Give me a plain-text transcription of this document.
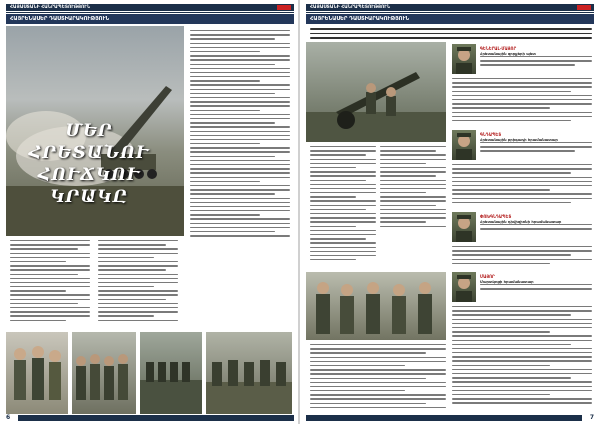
ՀԱՅԱՍՏԱՆԻ ՀԱՆՐԱՊԵՏՈՒԹՅՈՒՆ
ՀԱՅՐԵՆԱՍԵՐ ԴԱՍՏԻԱՐԱԿՈՒԹՅՈՒՆ
ՄԵՐ
ՀՐԵՏԱՆՈՒ
ՀՈՒՃԿՈՒ ԿՐԱԿԸ
6
ՀԱՅԱՍՏԱՆԻ ՀԱՆՐԱՊԵՏՈՒԹՅՈՒՆ
ՀԱՅՐԵՆԱՍԵՐ ԴԱՍՏԻԱՐԱԿՈՒԹՅՈՒՆ
ԳԵՆԵՐԱԼ-ՄԱՅՈՐ
Հրետանային զորքերի պետ
ԳՆԴԱՊԵՏ
Հրետանային բրիգադի հրամանատար
ՓՈԽԳՆԴԱՊԵՏ
Հրետանային դիվիզիոնի հրամանատար
ՄԱՅՈՐ
Մարտկոցի հրամանատար
7
